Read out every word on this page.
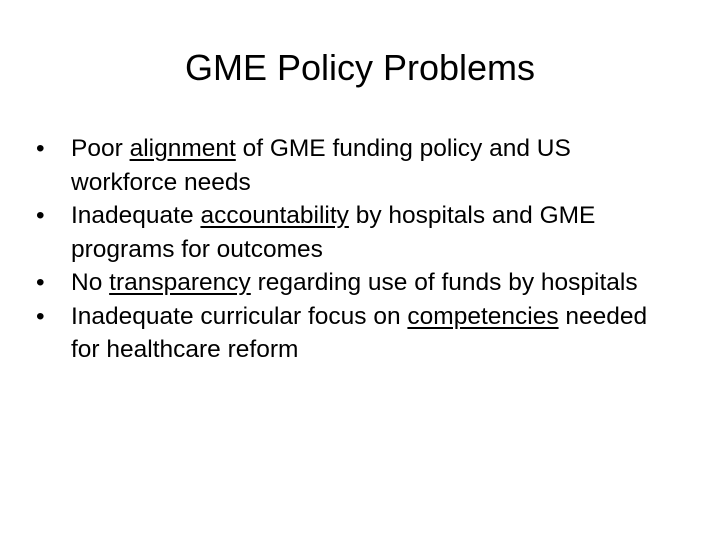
GME Policy Problems
•	Poor alignment of GME funding policy and US workforce needs
•	Inadequate accountability by hospitals and GME programs for outcomes
•	No transparency regarding use of funds by hospitals
•	Inadequate curricular focus on competencies needed for healthcare reform
